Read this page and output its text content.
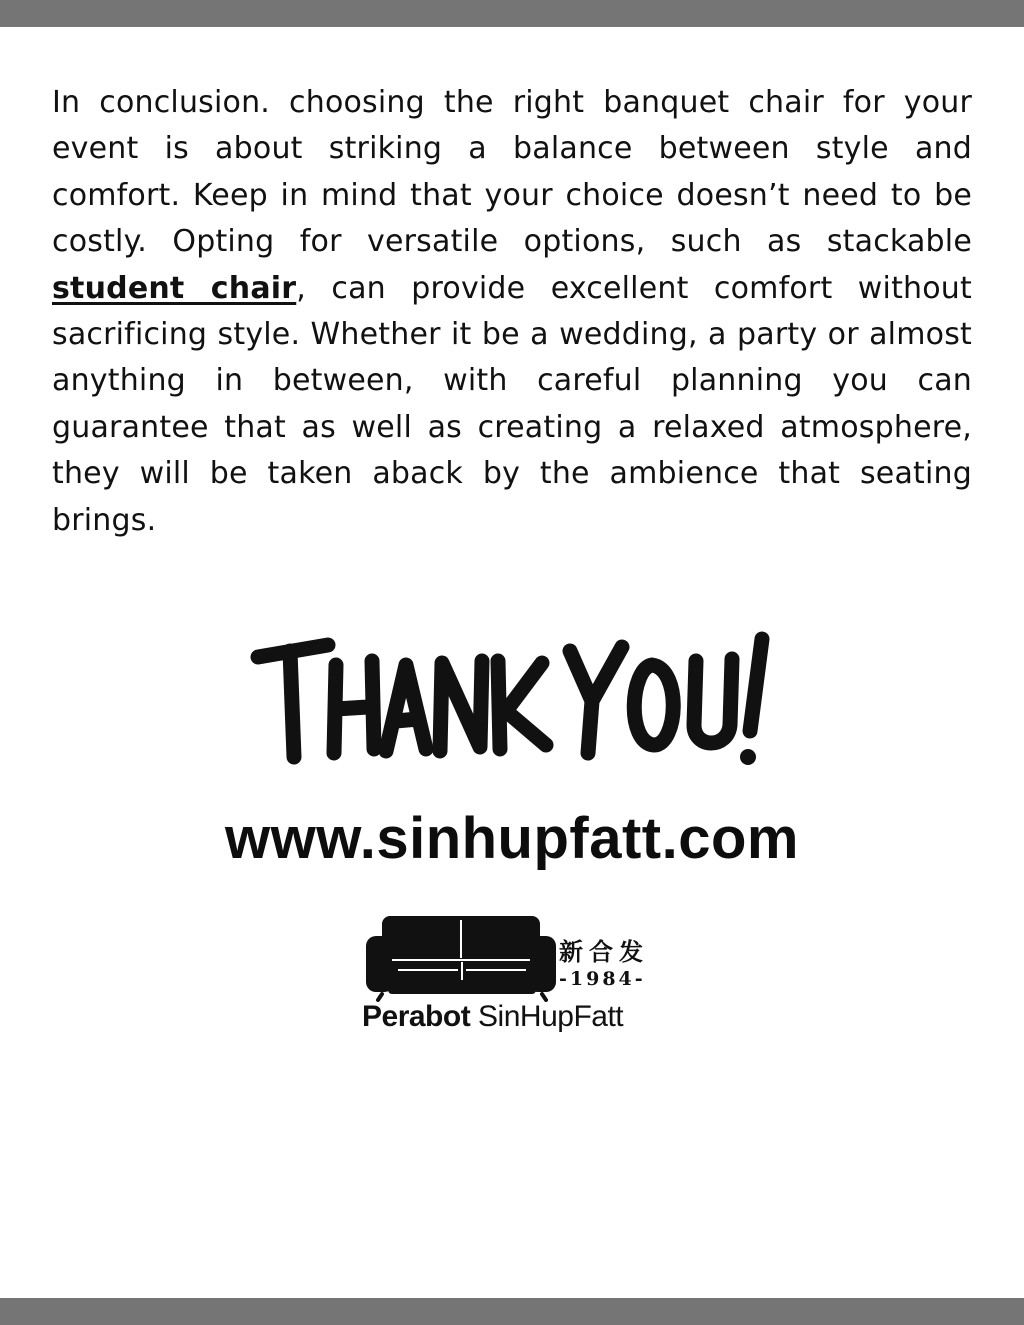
In conclusion. choosing the right banquet chair for your event is about striking a balance between style and comfort. Keep in mind that your choice doesn’t need to be costly. Opting for versatile options, such as stackable student chair, can provide excellent comfort without sacrificing style. Whether it be a wedding, a party or almost anything in between, with careful planning you can guarantee that as well as creating a relaxed atmosphere, they will be taken aback by the ambience that seating brings.
www.sinhupfatt.com
新合发
-1984-
Perabot SinHupFatt
